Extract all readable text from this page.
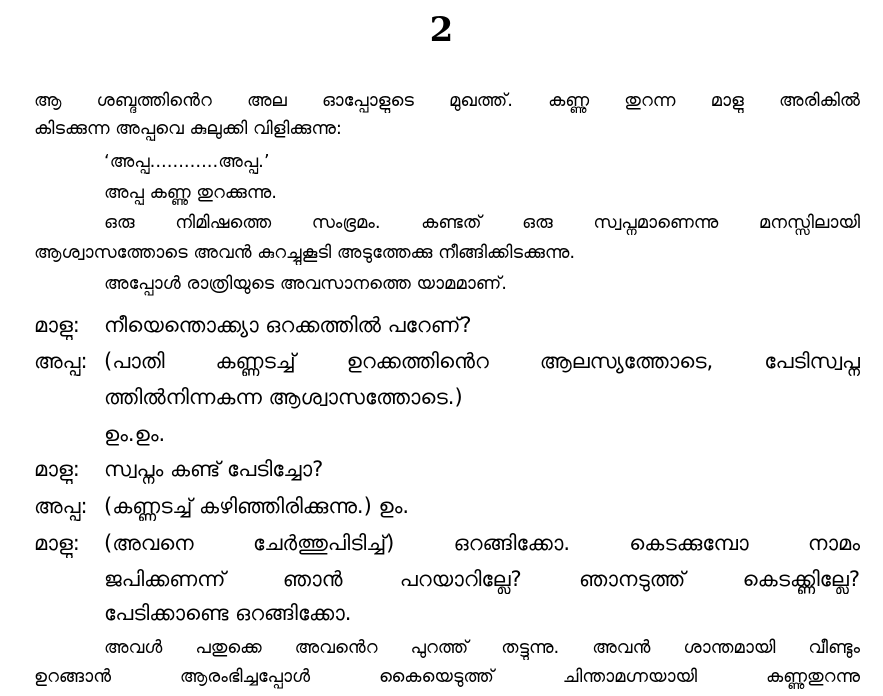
2
ആ ശബ്ദത്തിൻെറ അല ഓപ്പോളുടെ മുഖത്ത്. കണ്ണു തുറന്ന മാളു അരികിൽ
കിടക്കുന്ന അപ്പുവെ കുലുക്കി വിളിക്കുന്നു:
‘അപ്പൂ............അപ്പൂ.’
അപ്പു കണ്ണു തുറക്കുന്നു.
ഒരു നിമിഷത്തെ സംഭ്രമം. കണ്ടത് ഒരു സ്വപ്നമാണെന്നു മനസ്സിലായി
ആശ്വാസത്തോടെ അവൻ കുറച്ചുകൂടി അടുത്തേക്കു നീങ്ങിക്കിടക്കുന്നു.
അപ്പോൾ രാത്രിയുടെ അവസാനത്തെ യാമമാണ്.
മാളു:	നീയെന്തൊക്ക്യാ ഒറക്കത്തിൽ പറേണ്?
അപ്പു: (പാതി കണ്ണടച്ച് ഉറക്കത്തിൻെറ ആലസ്യത്തോടെ, പേടിസ്വപ്ന
ത്തിൽനിന്നകന്ന ആശ്വാസത്തോടെ.)
ഉം.ഉം.
മാളു:	സ്വപ്നം കണ്ട് പേടിച്ചോ?
അപ്പു: (കണ്ണടച്ച് കഴിഞ്ഞിരിക്കുന്നു.) ഉം.
മാളു:	(അവനെ ചേർത്തുപിടിച്ച്) ഒറങ്ങിക്കോ. കെടക്കുമ്പോ നാമം
ജപിക്കണന്ന് ഞാൻ പറയാറില്ലേ? ഞാനടുത്ത് കെടക്ക്ണില്ലേ?
പേടിക്കാണ്ടെ ഒറങ്ങിക്കോ.
അവൾ പതുക്കെ അവൻെറ പുറത്ത് തട്ടുന്നു. അവൻ ശാന്തമായി വീണ്ടും
ഉറങ്ങാൻ ആരംഭിച്ചപ്പോൾ കൈയെടുത്ത് ചിന്താമഗ്നയായി കണ്ണുതുറന്നു
